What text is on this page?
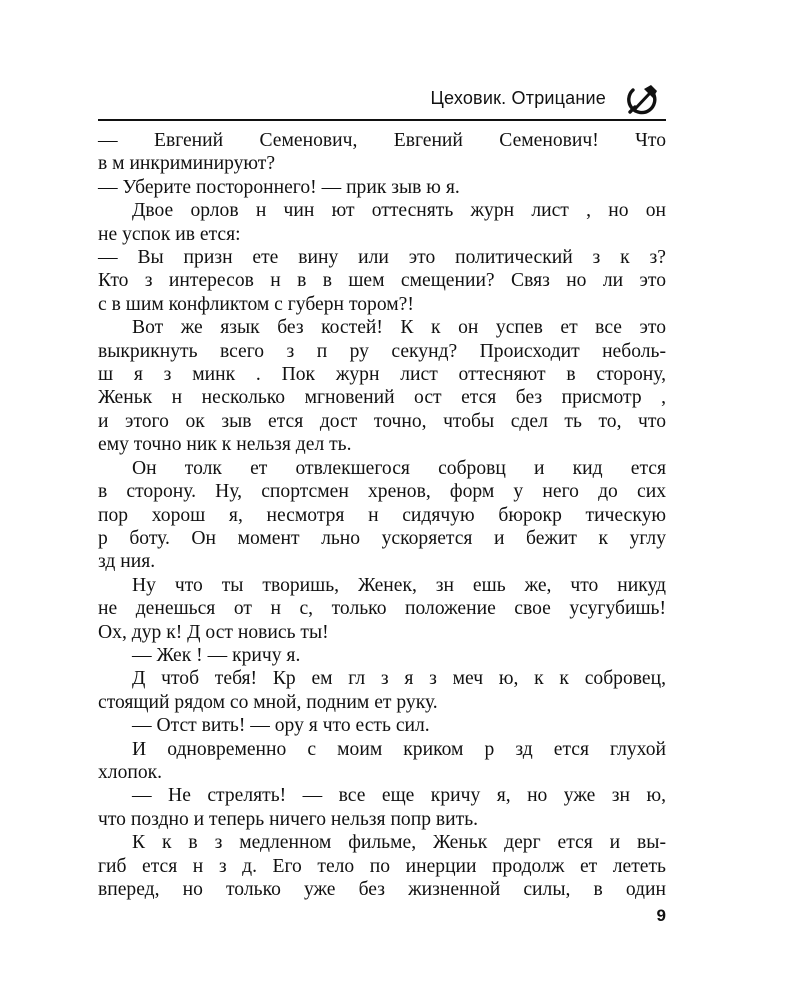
Цеховик. Отрицание

— Евгений Семенович, Евгений Семенович! Что

в м инкриминируют?

— Уберите постороннего! — прик зыв ю я.

Двое орлов н чин ют оттеснять журн лист , но он

не успок ив ется:

— Вы призн ете вину или это политический з к з?

Кто з интересов н в в шем смещении? Связ но ли это

с в шим конфликтом с губерн тором?!

Вот же язык без костей! К к он успев ет все это

выкрикнуть всего з п ру секунд? Происходит неболь-

ш я з минк . Пок журн лист оттесняют в сторону,

Женьк н несколько мгновений ост ется без присмотр ,

и этого ок зыв ется дост точно, чтобы сдел ть то, что

ему точно ник к нельзя дел ть.

Он толк ет отвлекшегося собровц и кид ется

в сторону. Ну, спортсмен хренов, форм у него до сих

пор хорош я, несмотря н сидячую бюрокр тическую

р боту. Он момент льно ускоряется и бежит к углу

зд ния.

Ну что ты творишь, Женек, зн ешь же, что никуд

не денешься от н с, только положение свое усугубишь!

Ох, дур к! Д ост новись ты!

— Жек ! — кричу я.

Д чтоб тебя! Кр ем гл з я з меч ю, к к собровец,

стоящий рядом со мной, подним ет руку.

— Отст вить! — ору я что есть сил.

И одновременно с моим криком р зд ется глухой

хлопок.

— Не стрелять! — все еще кричу я, но уже зн ю,

что поздно и теперь ничего нельзя попр вить.

К к в з медленном фильме, Женьк дерг ется и вы-

гиб ется н з д. Его тело по инерции продолж ет лететь

вперед, но только уже без жизненной силы, в один

9
